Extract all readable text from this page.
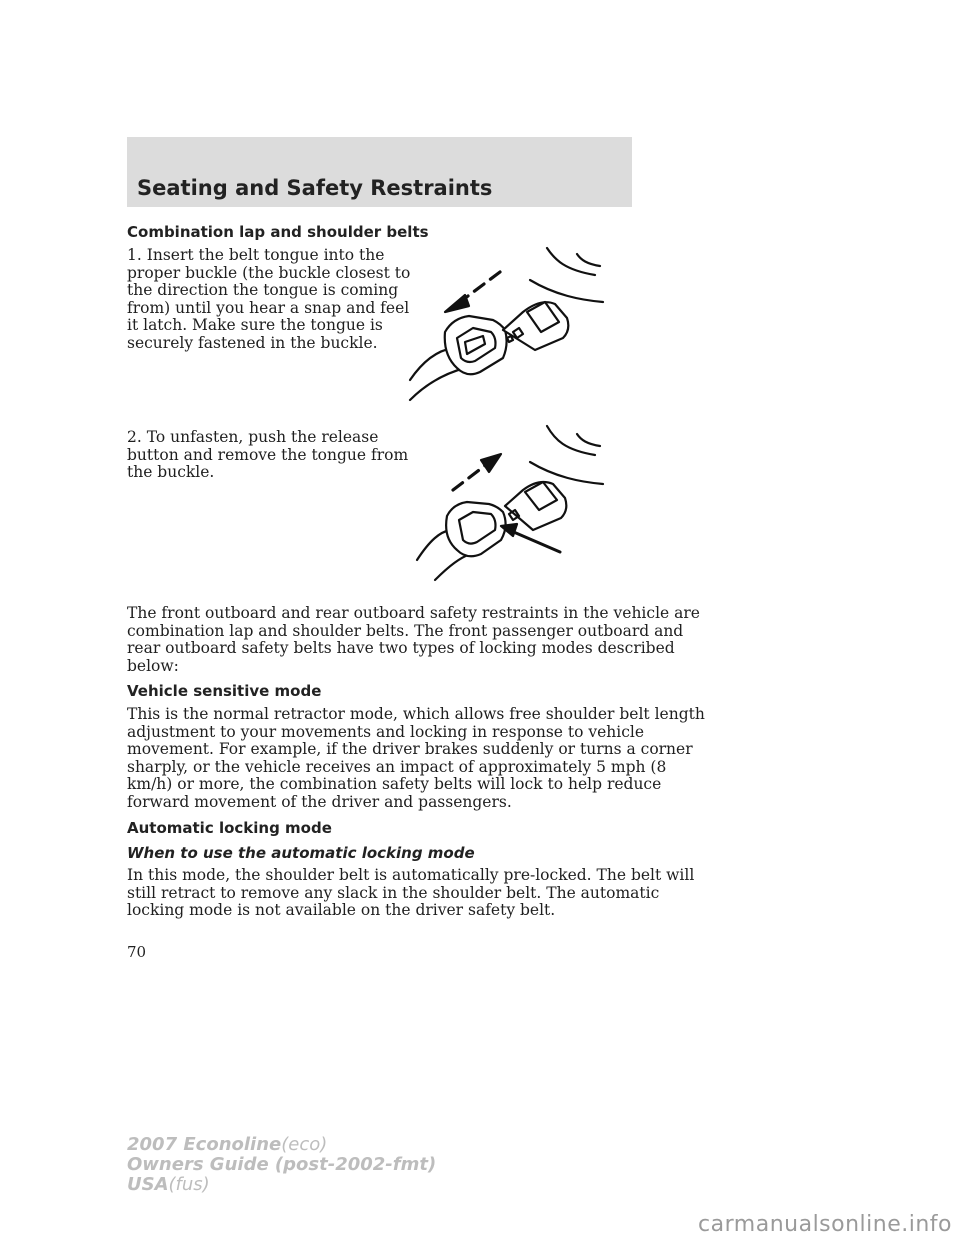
Seating and Safety Restraints
Combination lap and shoulder belts
1. Insert the belt tongue into the
proper buckle (the buckle closest to
the direction the tongue is coming
from) until you hear a snap and feel
it latch. Make sure the tongue is
securely fastened in the buckle.
2. To unfasten, push the release
button and remove the tongue from
the buckle.
The front outboard and rear outboard safety restraints in the vehicle are
combination lap and shoulder belts. The front passenger outboard and
rear outboard safety belts have two types of locking modes described
below:
Vehicle sensitive mode
This is the normal retractor mode, which allows free shoulder belt length
adjustment to your movements and locking in response to vehicle
movement. For example, if the driver brakes suddenly or turns a corner
sharply, or the vehicle receives an impact of approximately 5 mph (8
km/h) or more, the combination safety belts will lock to help reduce
forward movement of the driver and passengers.
Automatic locking mode
When to use the automatic locking mode
In this mode, the shoulder belt is automatically pre-locked. The belt will
still retract to remove any slack in the shoulder belt. The automatic
locking mode is not available on the driver safety belt.
70
2007 Econoline(eco)
Owners Guide (post-2002-fmt)
USA(fus)
carmanualsonline.info
